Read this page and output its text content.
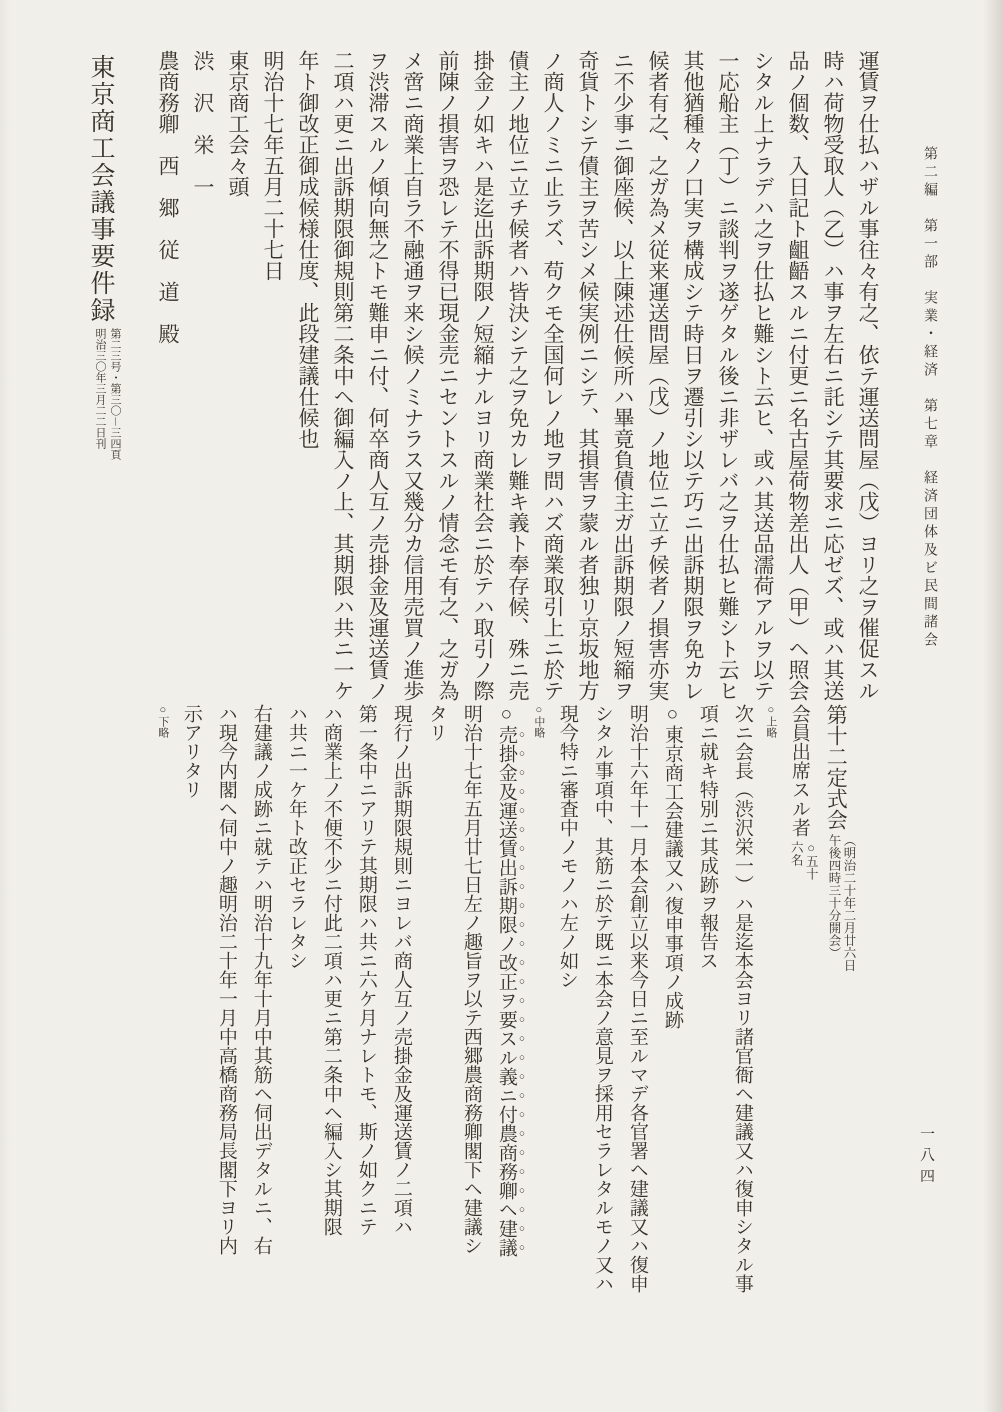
第二編　第一部　実業・経済　第七章　経済団体及ビ民間諸会

運賃ヲ仕払ハザル事往々有之、依テ運送問屋（戊）ヨリ之ヲ催促スル

時ハ荷物受取人（乙）ハ事ヲ左右ニ託シテ其要求ニ応ゼズ、或ハ其送

品ノ個数、入日記ト齟齬スルニ付更ニ名古屋荷物差出人（甲）ヘ照会

シタル上ナラデハ之ヲ仕払ヒ難シト云ヒ、或ハ其送品濡荷アルヲ以テ

一応船主（丁）ニ談判ヲ遂ゲタル後ニ非ザレバ之ヲ仕払ヒ難シト云ヒ

其他猶種々ノ口実ヲ構成シテ時日ヲ遷引シ以テ巧ニ出訴期限ヲ免カレ

候者有之、之ガ為メ従来運送問屋（戊）ノ地位ニ立チ候者ノ損害亦実

ニ不少事ニ御座候、以上陳述仕候所ハ畢竟負債主ガ出訴期限ノ短縮ヲ

奇貨トシテ債主ヲ苦シメ候実例ニシテ、其損害ヲ蒙ル者独リ京坂地方

ノ商人ノミニ止ラズ、苟クモ全国何レノ地ヲ問ハズ商業取引上ニ於テ

債主ノ地位ニ立チ候者ハ皆決シテ之ヲ免カレ難キ義ト奉存候、殊ニ売

掛金ノ如キハ是迄出訴期限ノ短縮ナルヨリ商業社会ニ於テハ取引ノ際

前陳ノ損害ヲ恐レテ不得已現金売ニセントスルノ情念モ有之、之ガ為

メ啻ニ商業上自ラ不融通ヲ来シ候ノミナラス又幾分カ信用売買ノ進歩

ヲ渋滞スルノ傾向無之トモ難申ニ付、何卒商人互ノ売掛金及運送賃ノ

二項ハ更ニ出訴期限御規則第二条中ヘ御編入ノ上、其期限ハ共ニ一ケ

年ト御改正御成候様仕度、此段建議仕候也

明治十七年五月二十七日

東京商工会々頭

渋　沢　栄　一

農商務卿　西　郷　従　道　殿

東京商工会議事要件録

第二三号・第三〇－三四頁

明治三〇年三月二二日刊

第十二定式会
（明治二十年二月廿六日
午後四時三十分開会）

会員出席スル者
○五十
六名

○上略

次ニ会長（渋沢栄一）ハ是迄本会ヨリ諸官衙ヘ建議又ハ復申シタル事

項ニ就キ特別ニ其成跡ヲ報告ス

○東京商工会建議又ハ復申事項ノ成跡

明治十六年十一月本会創立以来今日ニ至ルマデ各官署ヘ建議又ハ復申

シタル事項中、其筋ニ於テ既ニ本会ノ意見ヲ採用セラレタルモノ又ハ

現今特ニ審査中ノモノハ左ノ如シ

○中略

○売掛金及運送賃出訴期限ノ改正ヲ要スル義ニ付農商務卿ヘ建議

明治十七年五月廿七日左ノ趣旨ヲ以テ西郷農商務卿閣下ヘ建議シ

タリ

現行ノ出訴期限規則ニヨレバ商人互ノ売掛金及運送賃ノ二項ハ

第一条中ニアリテ其期限ハ共ニ六ケ月ナレトモ、斯ノ如クニテ

ハ商業上ノ不便不少ニ付此二項ハ更ニ第二条中ヘ編入シ其期限

ハ共ニ一ケ年ト改正セラレタシ

右建議ノ成跡ニ就テハ明治十九年十月中其筋ヘ伺出デタルニ、右

ハ現今内閣ヘ伺中ノ趣明治二十年一月中高橋商務局長閣下ヨリ内

示アリタリ

○下略

一八四
